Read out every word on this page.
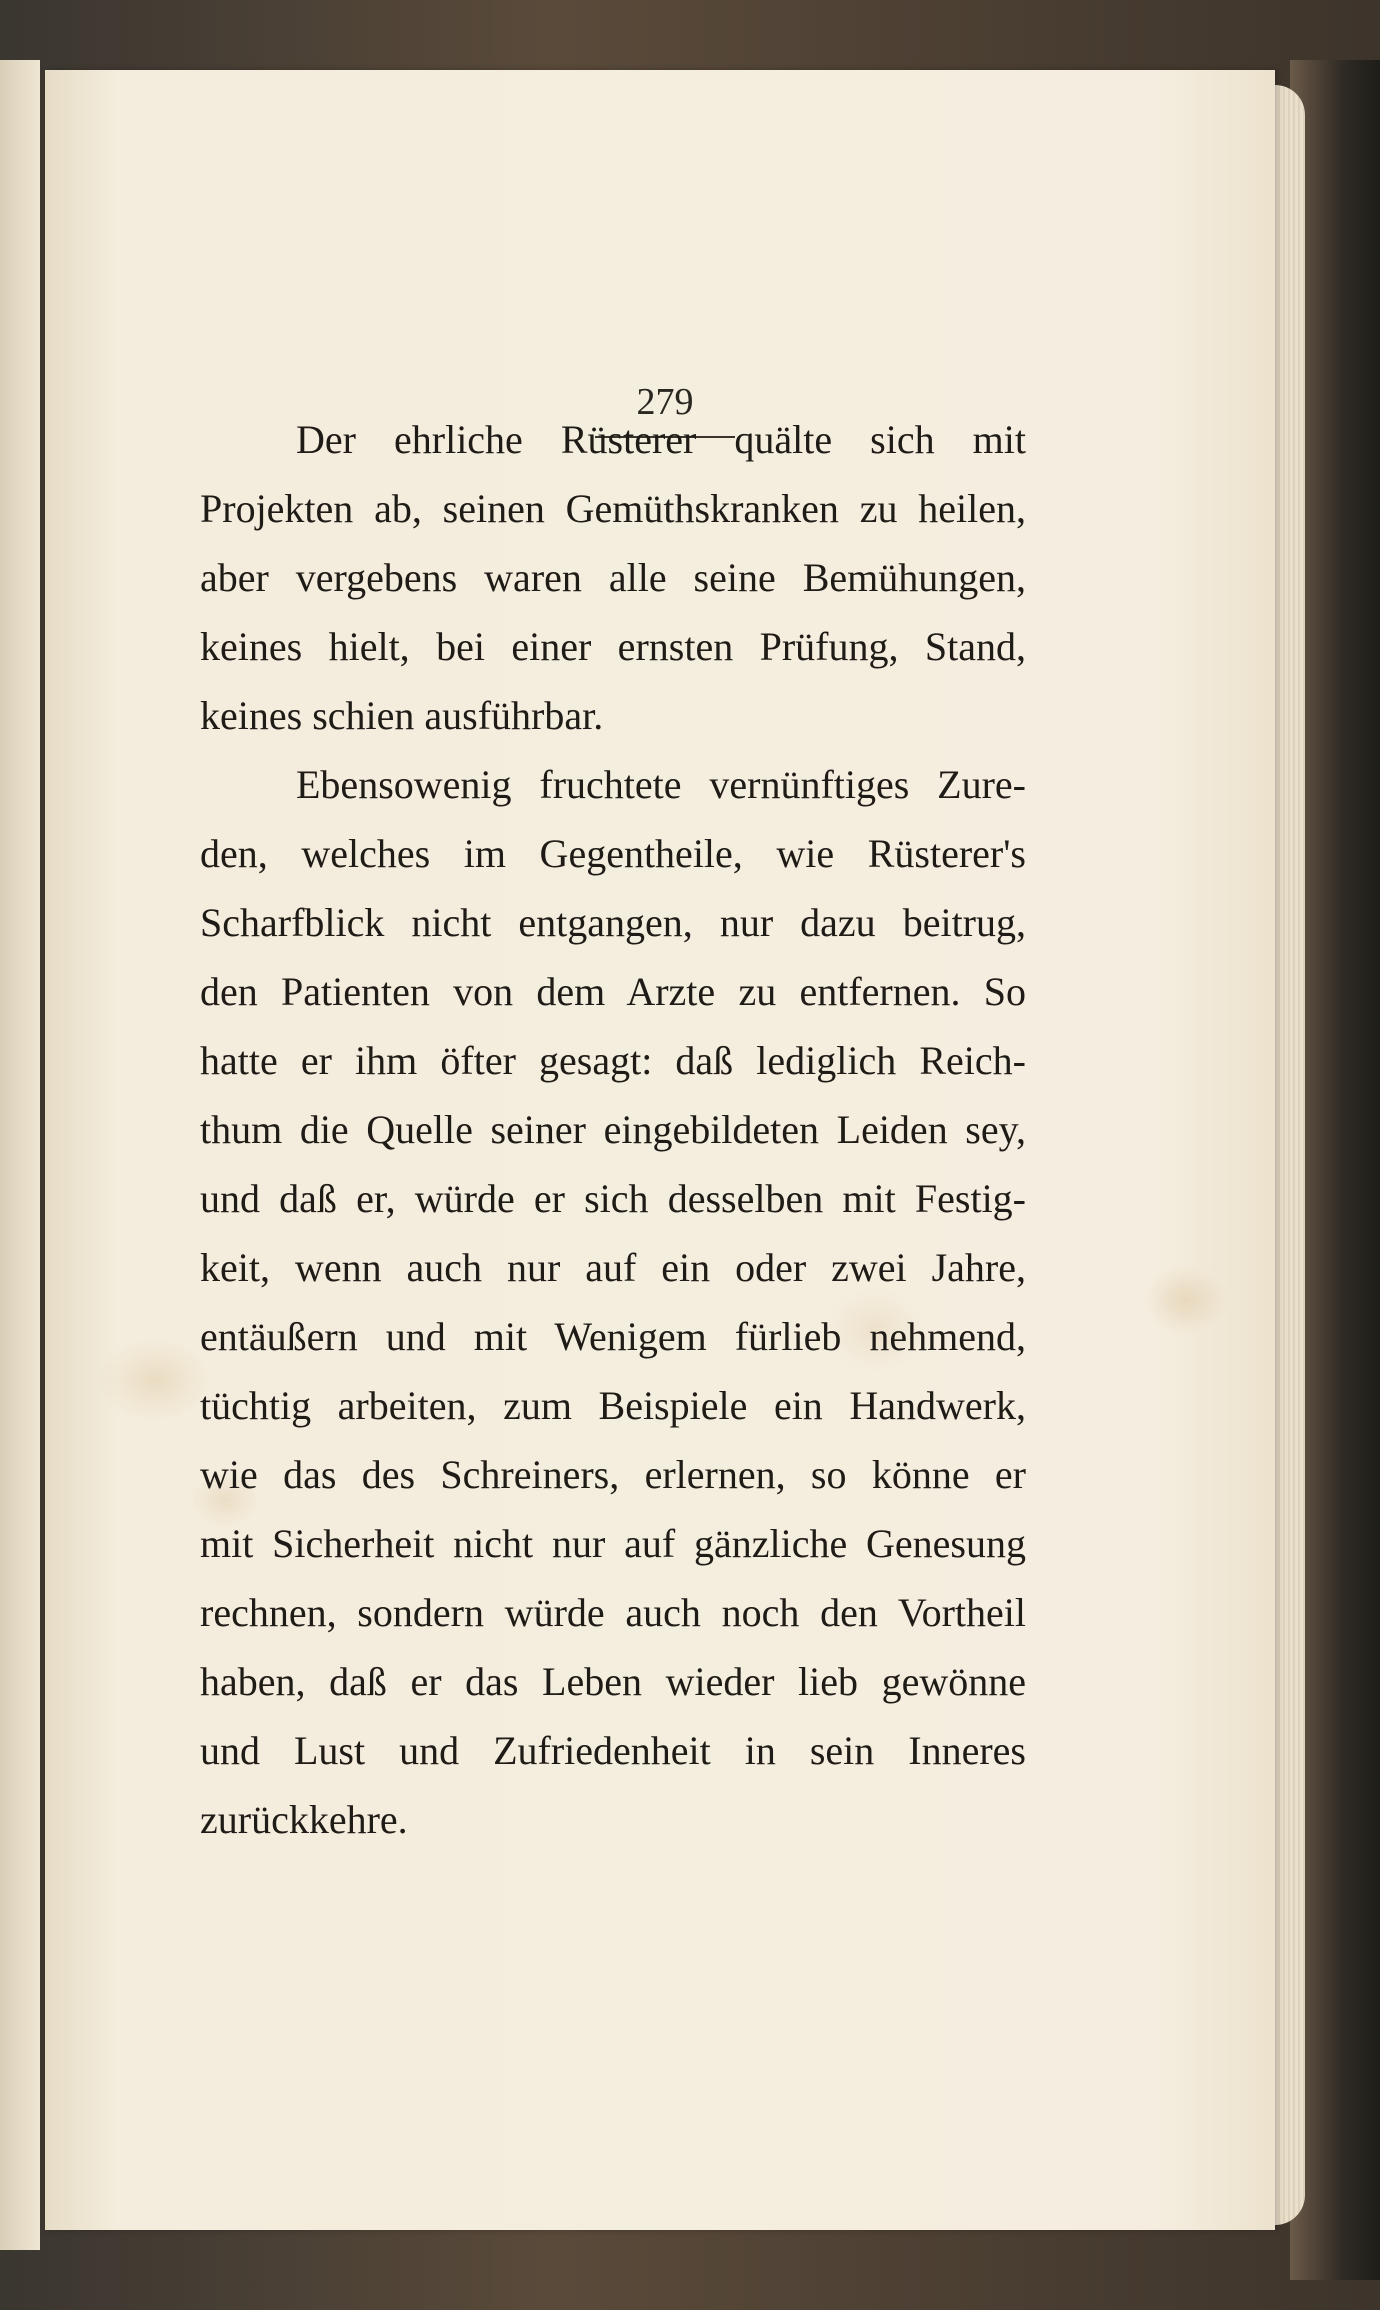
279
Der ehrliche Rüsterer quälte sich mit
Projekten ab, seinen Gemüthskranken zu heilen,
aber vergebens waren alle seine Bemühungen,
keines hielt, bei einer ernsten Prüfung, Stand,
keines schien ausführbar.
Ebensowenig fruchtete vernünftiges Zure-
den, welches im Gegentheile, wie Rüsterer's
Scharfblick nicht entgangen, nur dazu beitrug,
den Patienten von dem Arzte zu entfernen. So
hatte er ihm öfter gesagt: daß lediglich Reich-
thum die Quelle seiner eingebildeten Leiden sey,
und daß er, würde er sich desselben mit Festig-
keit, wenn auch nur auf ein oder zwei Jahre,
entäußern und mit Wenigem fürlieb nehmend,
tüchtig arbeiten, zum Beispiele ein Handwerk,
wie das des Schreiners, erlernen, so könne er
mit Sicherheit nicht nur auf gänzliche Genesung
rechnen, sondern würde auch noch den Vortheil
haben, daß er das Leben wieder lieb gewönne
und Lust und Zufriedenheit in sein Inneres
zurückkehre.
